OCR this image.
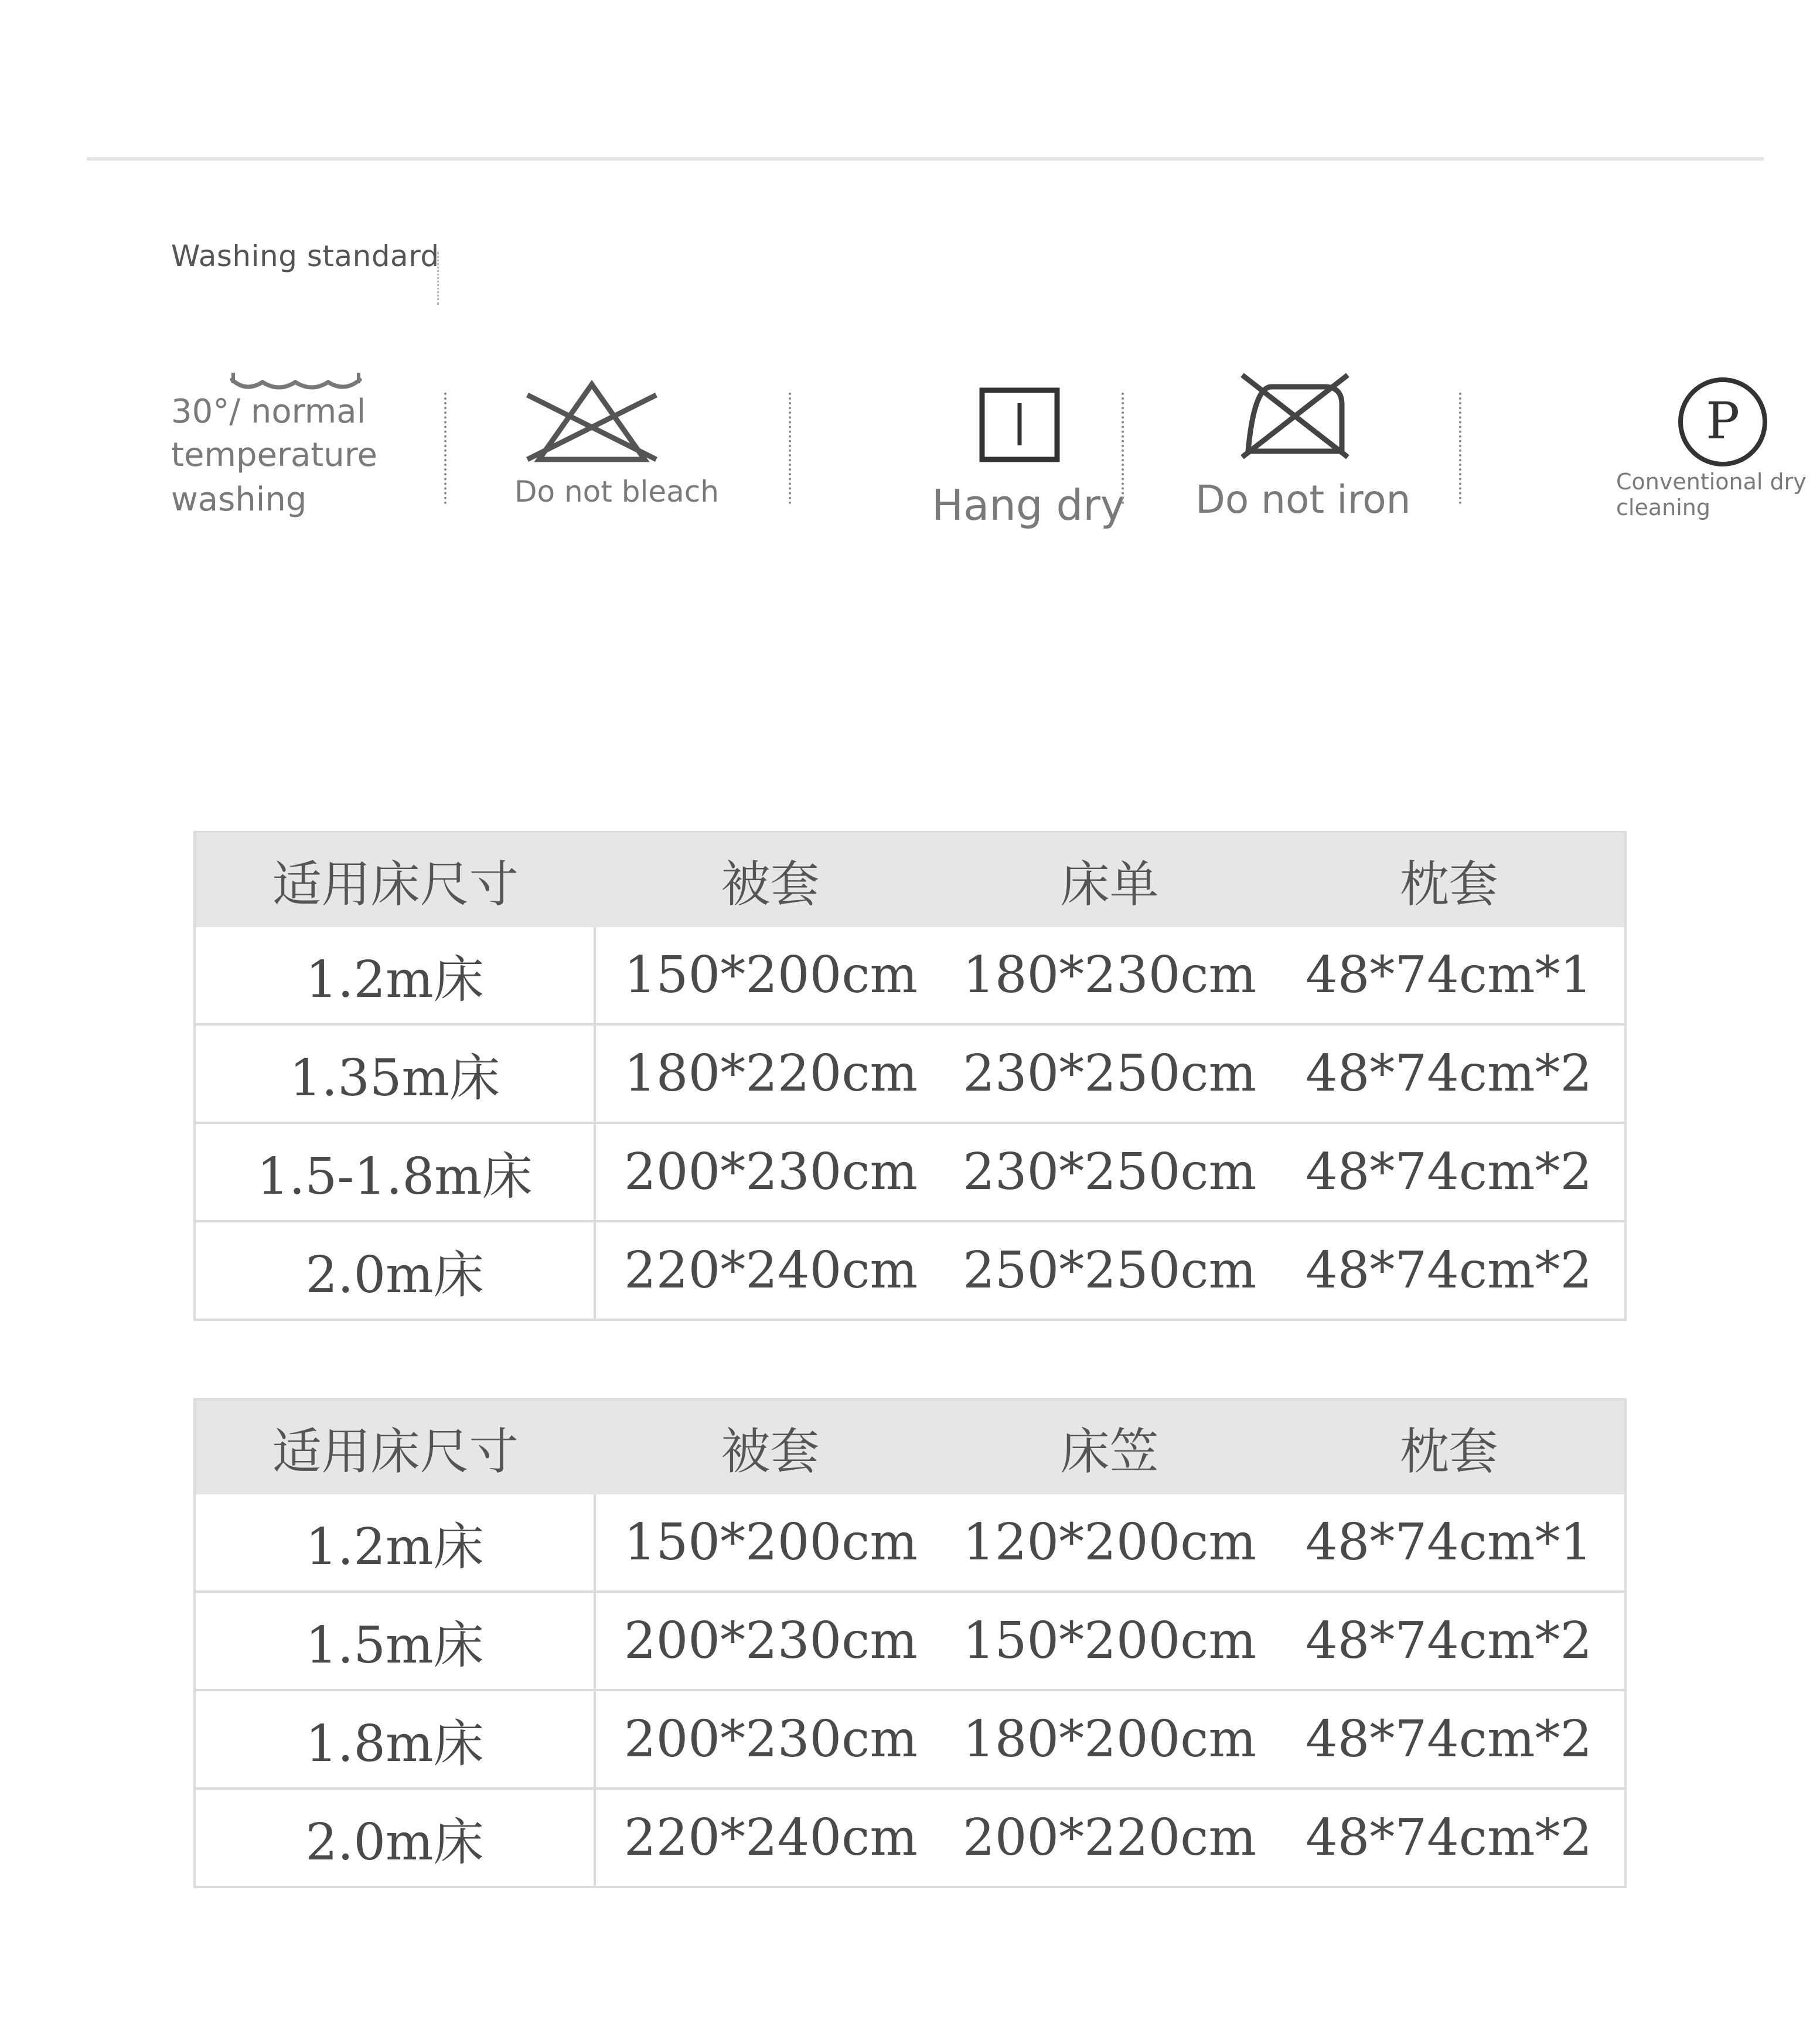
Washing standard
30°/ normal
temperature
washing	Do not bleach	Hang dry Do not iron
P
Conventional dry cleaning
适用床尺寸	被套	床单	枕套
1.2m床	150*200cm	180*230cm	48*74cm*1
1.35m床	180*220cm	230*250cm	48*74cm*2
1.5-1.8m床	200*230cm	230*250cm	48*74cm*2
2.0m床	220*240cm	250*250cm	48*74cm*2
适用床尺寸	被套	床笠	枕套
1.2m床	150*200cm	120*200cm	48*74cm*1
1.5m床	200*230cm	150*200cm	48*74cm*2
1.8m床	200*230cm	180*200cm	48*74cm*2
2.0m床	220*240cm	200*220cm	48*74cm*2
